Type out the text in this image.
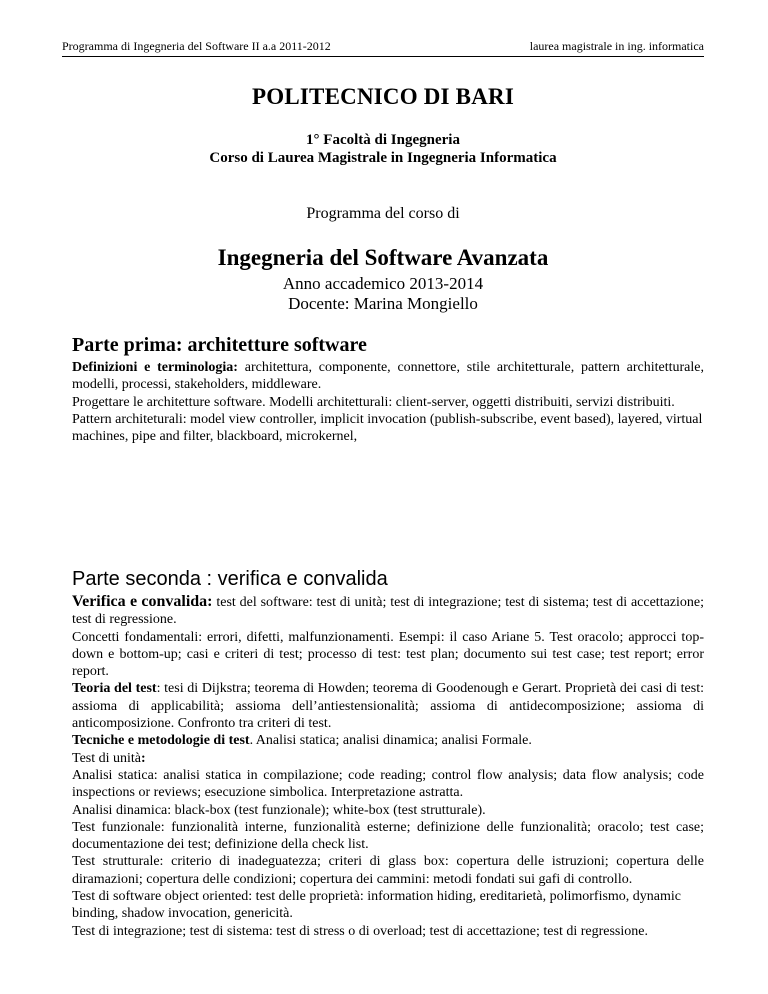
Programma di Ingegneria del Software II a.a 2011-2012	laurea magistrale in ing. informatica
POLITECNICO DI BARI
1° Facoltà di Ingegneria
Corso di Laurea Magistrale in Ingegneria Informatica
Programma del corso di
Ingegneria del Software Avanzata
Anno accademico 2013-2014
Docente: Marina Mongiello
Parte prima: architetture software

Definizioni e terminologia: architettura, componente, connettore, stile architetturale, pattern architetturale, modelli, processi, stakeholders, middleware.

Progettare le architetture software. Modelli architetturali: client-server, oggetti distribuiti, servizi distribuiti.

Pattern architeturali: model view controller, implicit invocation (publish-subscribe, event based), layered, virtual machines, pipe and filter, blackboard, microkernel,

Parte seconda : verifica e convalida

Verifica e convalida: test del software: test di unità; test di integrazione; test di sistema; test di accettazione; test di regressione.

Concetti fondamentali: errori, difetti, malfunzionamenti. Esempi: il caso Ariane 5. Test oracolo; approcci top-down e bottom-up; casi e criteri di test; processo di test: test plan; documento sui test case; test report; error report.

Teoria del test: tesi di Dijkstra; teorema di Howden; teorema di Goodenough e Gerart. Proprietà dei casi di test: assioma di applicabilità; assioma dell’antiestensionalità; assioma di antidecomposizione; assioma di anticomposizione. Confronto tra criteri di test.

Tecniche e metodologie di test. Analisi statica; analisi dinamica; analisi Formale.

Test di unità:

Analisi statica: analisi statica in compilazione; code reading; control flow analysis; data flow analysis; code inspections or reviews; esecuzione simbolica. Interpretazione astratta.

Analisi dinamica: black-box (test funzionale); white-box (test strutturale).

Test funzionale: funzionalità interne, funzionalità esterne; definizione delle funzionalità; oracolo; test case; documentazione dei test; definizione della check list.

Test strutturale: criterio di inadeguatezza; criteri di glass box: copertura delle istruzioni; copertura delle diramazioni; copertura delle condizioni; copertura dei cammini: metodi fondati sui gafi di controllo.

Test di software object oriented: test delle proprietà: information hiding, ereditarietà, polimorfismo, dynamic binding, shadow invocation, genericità.

Test di integrazione; test di sistema: test di stress o di overload; test di accettazione; test di regressione.
